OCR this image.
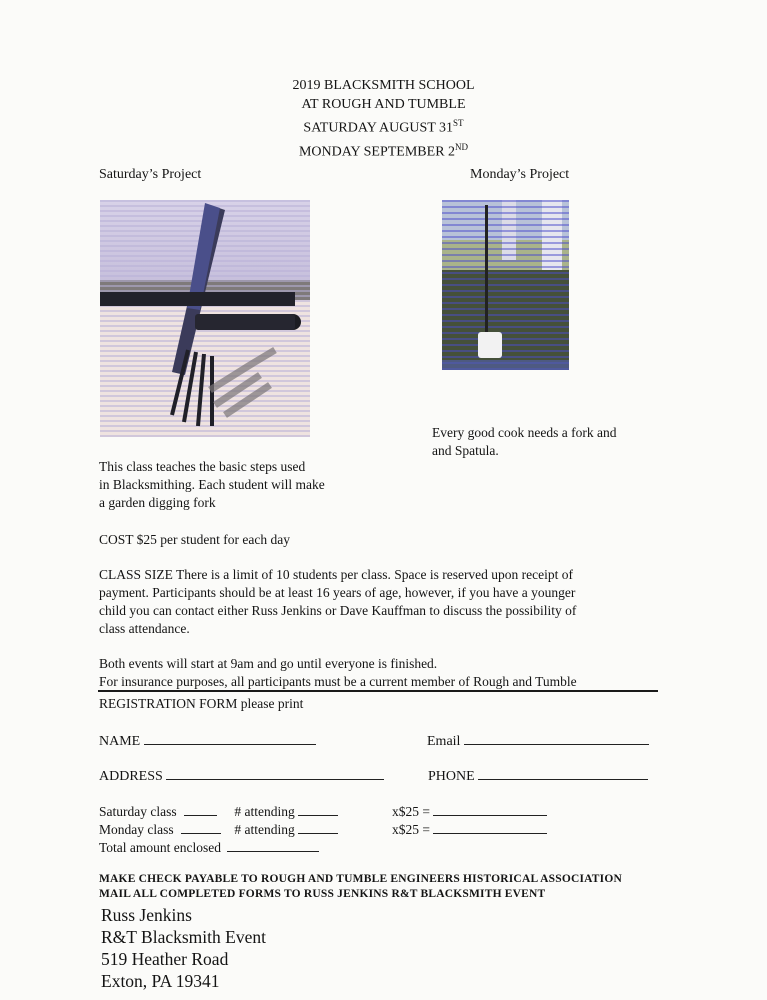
2019 BLACKSMITH SCHOOL
AT ROUGH AND TUMBLE
SATURDAY AUGUST 31ST
MONDAY SEPTEMBER 2ND
Saturday’s Project	Monday’s Project
Every good cook needs a fork and
and Spatula.
This class teaches the basic steps used
in Blacksmithing. Each student will make
a garden digging fork
COST $25 per student for each day
CLASS SIZE There is a limit of 10 students per class. Space is reserved upon receipt of
payment. Participants should be at least 16 years of age, however, if you have a younger
child you can contact either Russ Jenkins or Dave Kauffman to discuss the possibility of
class attendance.
Both events will start at 9am and go until everyone is finished.
For insurance purposes, all participants must be a current member of Rough and Tumble
REGISTRATION FORM please print
NAME	Email
ADDRESS	PHONE
Saturday class	# attending	x$25 =
Monday class	# attending	x$25 =
Total amount enclosed
MAKE CHECK PAYABLE TO ROUGH AND TUMBLE ENGINEERS HISTORICAL ASSOCIATION
MAIL ALL COMPLETED FORMS TO RUSS JENKINS R&T BLACKSMITH EVENT
Russ Jenkins
R&T Blacksmith Event
519 Heather Road
Exton, PA 19341
